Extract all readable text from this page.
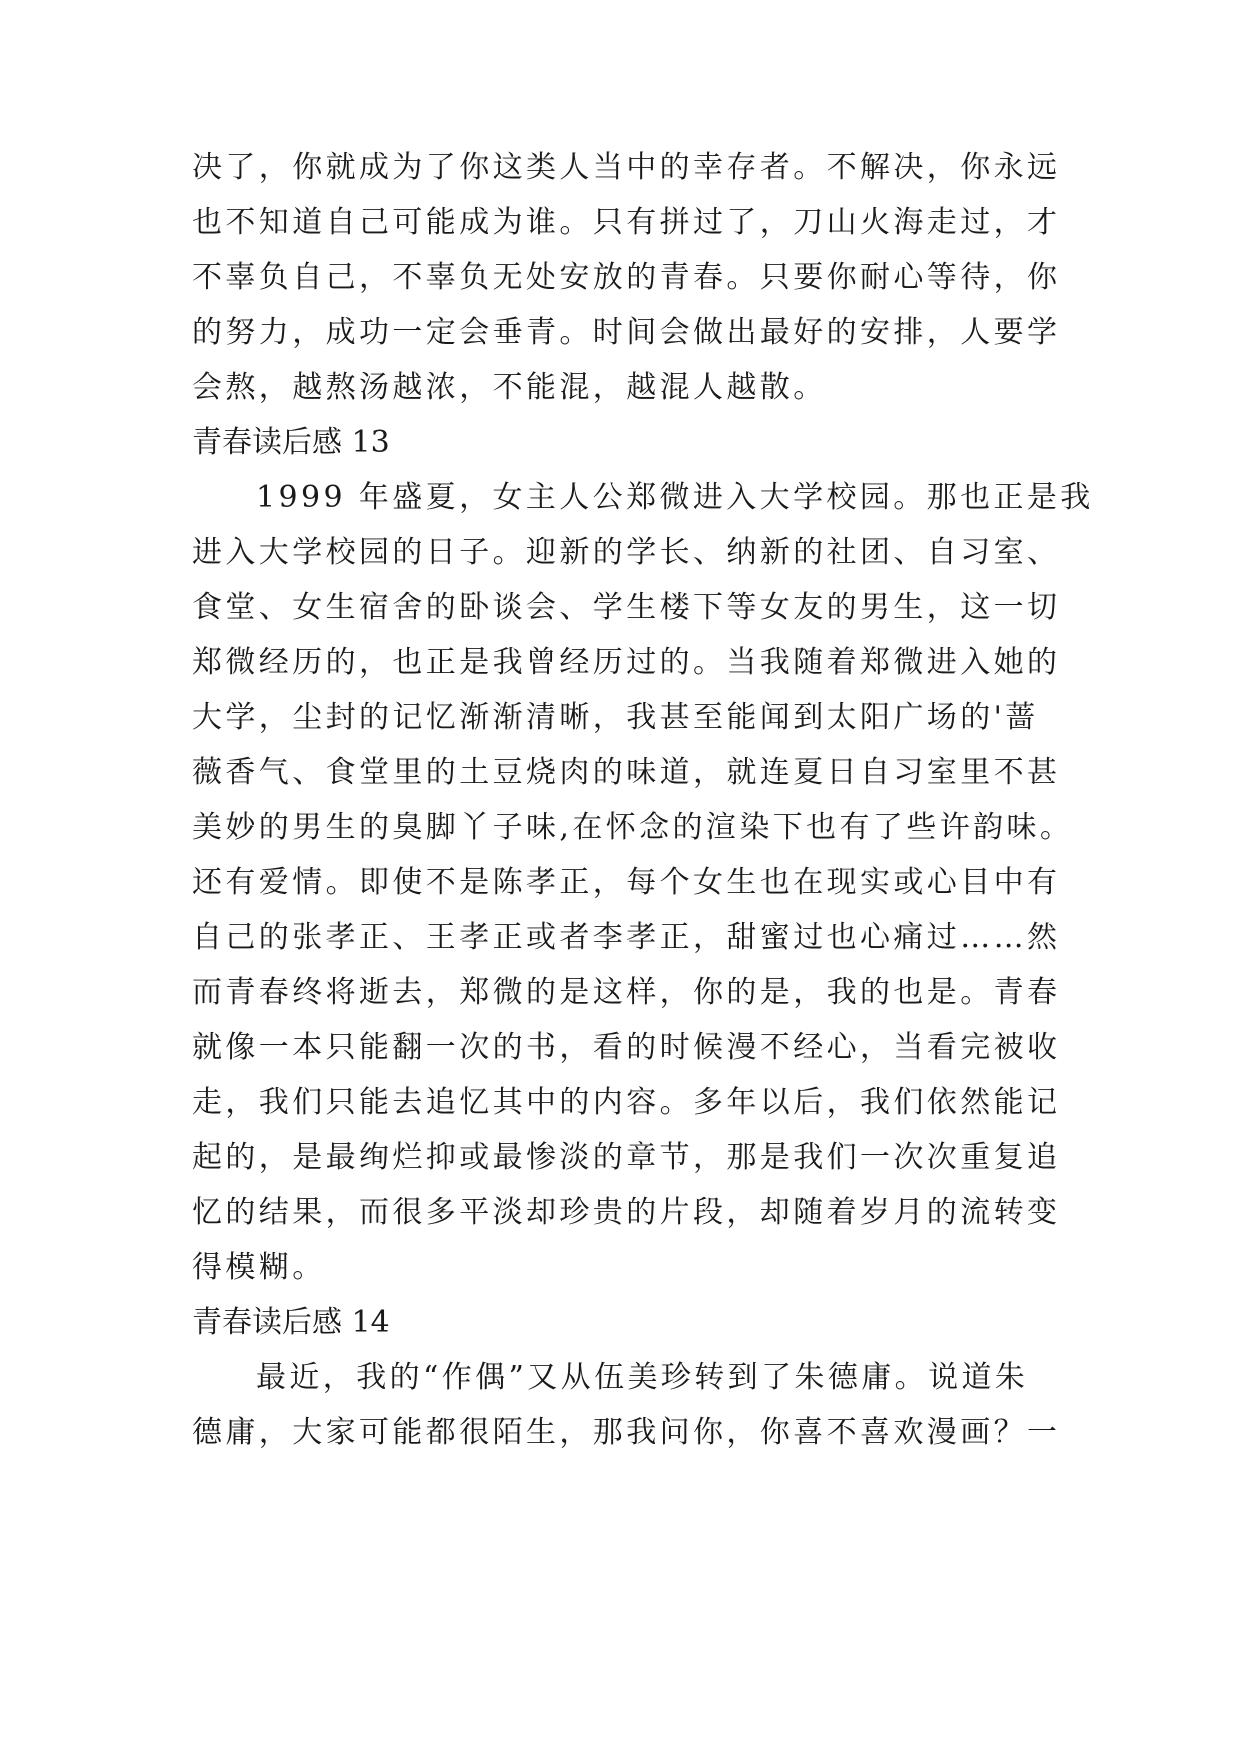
决了，你就成为了你这类人当中的幸存者。不解决，你永远
也不知道自己可能成为谁。只有拼过了，刀山火海走过，才
不辜负自己，不辜负无处安放的青春。只要你耐心等待，你
的努力，成功一定会垂青。时间会做出最好的安排，人要学
会熬，越熬汤越浓，不能混，越混人越散。
青春读后感 13
1999 年盛夏，女主人公郑微进入大学校园。那也正是我
进入大学校园的日子。迎新的学长、纳新的社团、自习室、
食堂、女生宿舍的卧谈会、学生楼下等女友的男生，这一切
郑微经历的，也正是我曾经历过的。当我随着郑微进入她的
大学，尘封的记忆渐渐清晰，我甚至能闻到太阳广场的'蔷
薇香气、食堂里的土豆烧肉的味道，就连夏日自习室里不甚
美妙的男生的臭脚丫子味,在怀念的渲染下也有了些许韵味。
还有爱情。即使不是陈孝正，每个女生也在现实或心目中有
自己的张孝正、王孝正或者李孝正，甜蜜过也心痛过……然
而青春终将逝去，郑微的是这样，你的是，我的也是。青春
就像一本只能翻一次的书，看的时候漫不经心，当看完被收
走，我们只能去追忆其中的内容。多年以后，我们依然能记
起的，是最绚烂抑或最惨淡的章节，那是我们一次次重复追
忆的结果，而很多平淡却珍贵的片段，却随着岁月的流转变
得模糊。
青春读后感 14
最近，我的“作偶”又从伍美珍转到了朱德庸。说道朱
德庸，大家可能都很陌生，那我问你，你喜不喜欢漫画？一
